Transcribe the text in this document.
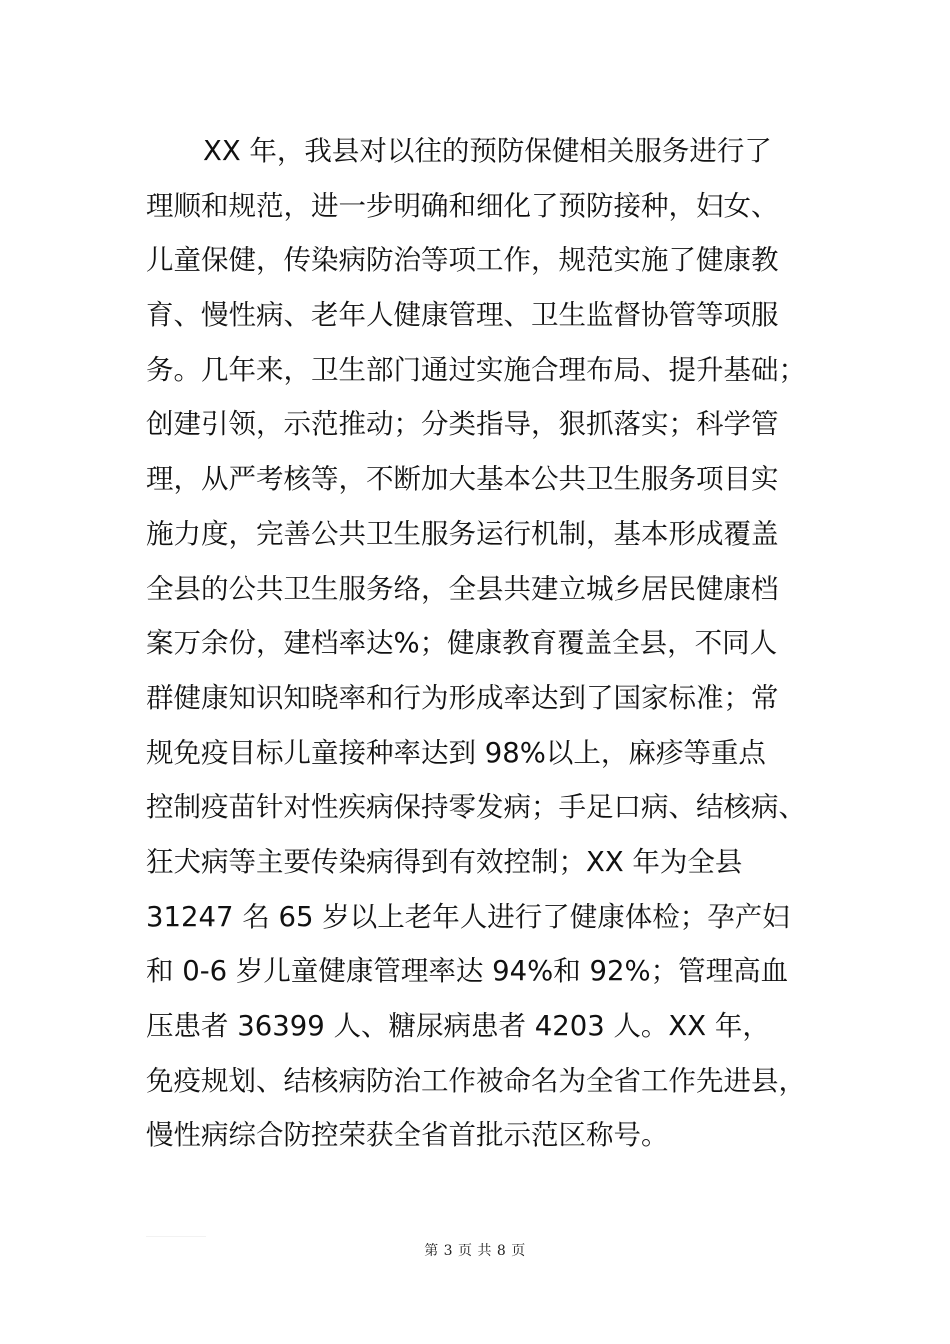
XX 年，我县对以往的预防保健相关服务进行了
理顺和规范，进一步明确和细化了预防接种，妇女、
儿童保健，传染病防治等项工作，规范实施了健康教
育、慢性病、老年人健康管理、卫生监督协管等项服
务。几年来，卫生部门通过实施合理布局、提升基础；
创建引领，示范推动；分类指导，狠抓落实；科学管
理，从严考核等，不断加大基本公共卫生服务项目实
施力度，完善公共卫生服务运行机制，基本形成覆盖
全县的公共卫生服务络，全县共建立城乡居民健康档
案万余份，建档率达%；健康教育覆盖全县，不同人
群健康知识知晓率和行为形成率达到了国家标准；常
规免疫目标儿童接种率达到 98%以上，麻疹等重点
控制疫苗针对性疾病保持零发病；手足口病、结核病、
狂犬病等主要传染病得到有效控制；XX 年为全县
31247 名 65 岁以上老年人进行了健康体检；孕产妇
和 0-6 岁儿童健康管理率达 94%和 92%；管理高血
压患者 36399 人、糖尿病患者 4203 人。XX 年，
免疫规划、结核病防治工作被命名为全省工作先进县，
慢性病综合防控荣获全省首批示范区称号。
第 3 页 共 8 页
